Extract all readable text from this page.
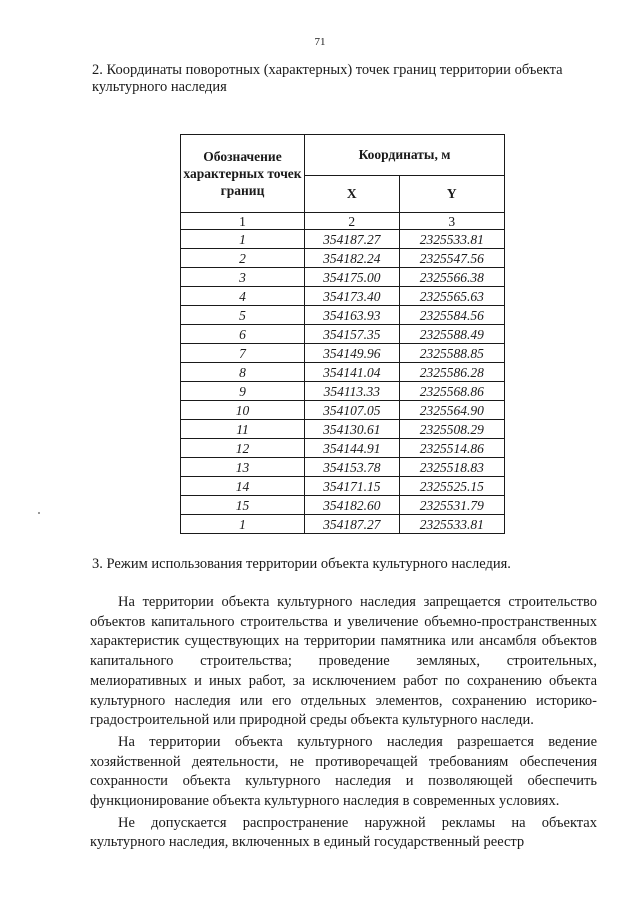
71
2. Координаты поворотных (характерных) точек границ территории объекта культурного наследия
Обозначение характерных точек границ	Координаты, м	
	X	Y
1	2	3
1	354187.27	2325533.81
2	354182.24	2325547.56
3	354175.00	2325566.38
4	354173.40	2325565.63
5	354163.93	2325584.56
6	354157.35	2325588.49
7	354149.96	2325588.85
8	354141.04	2325586.28
9	354113.33	2325568.86
10	354107.05	2325564.90
11	354130.61	2325508.29
12	354144.91	2325514.86
13	354153.78	2325518.83
14	354171.15	2325525.15
15	354182.60	2325531.79
1	354187.27	2325533.81
3. Режим использования территории объекта культурного наследия.

На территории объекта культурного наследия запрещается строительство объектов капитального строительства и увеличение объемно-пространственных характеристик существующих на территории памятника или ансамбля объектов капитального строительства; проведение земляных, строительных, мелиоративных и иных работ, за исключением работ по сохранению объекта культурного наследия или его отдельных элементов, сохранению историко-градостроительной или природной среды объекта культурного наследи.

На территории объекта культурного наследия разрешается ведение хозяйственной деятельности, не противоречащей требованиям обеспечения сохранности объекта культурного наследия и позволяющей обеспечить функционирование объекта культурного наследия в современных условиях.

Не допускается распространение наружной рекламы на объектах культурного наследия, включенных в единый государственный реестр
